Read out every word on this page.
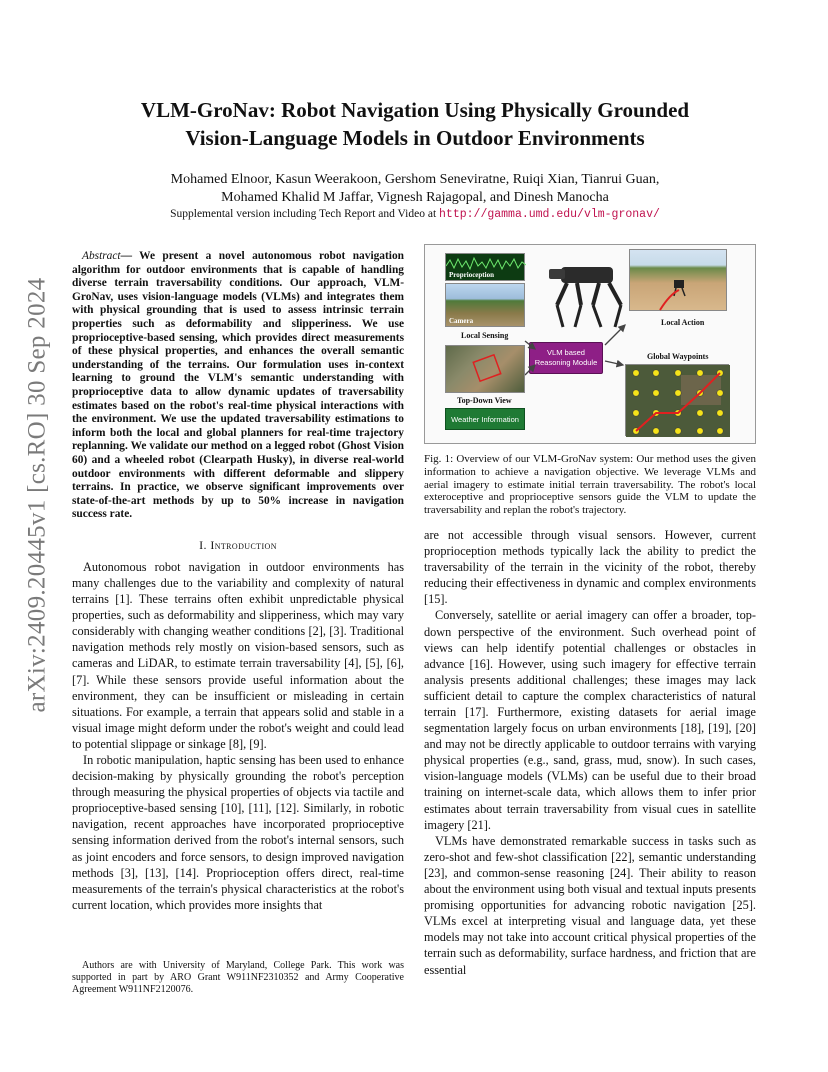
arXiv:2409.20445v1 [cs.RO] 30 Sep 2024
VLM-GroNav: Robot Navigation Using Physically Grounded
Vision-Language Models in Outdoor Environments
Mohamed Elnoor, Kasun Weerakoon, Gershom Seneviratne, Ruiqi Xian, Tianrui Guan,
Mohamed Khalid M Jaffar, Vignesh Rajagopal, and Dinesh Manocha
Supplemental version including Tech Report and Video at http://gamma.umd.edu/vlm-gronav/

Abstract— We present a novel autonomous robot navigation algorithm for outdoor environments that is capable of handling diverse terrain traversability conditions. Our approach, VLM-GroNav, uses vision-language models (VLMs) and integrates them with physical grounding that is used to assess intrinsic terrain properties such as deformability and slipperiness. We use proprioceptive-based sensing, which provides direct measurements of these physical properties, and enhances the overall semantic understanding of the terrains. Our formulation uses in-context learning to ground the VLM's semantic understanding with proprioceptive data to allow dynamic updates of traversability estimates based on the robot's real-time physical interactions with the environment. We use the updated traversability estimations to inform both the local and global planners for real-time trajectory replanning. We validate our method on a legged robot (Ghost Vision 60) and a wheeled robot (Clearpath Husky), in diverse real-world outdoor environments with different deformable and slippery terrains. In practice, we observe significant improvements over state-of-the-art methods by up to 50% increase in navigation success rate.

I. Introduction

Autonomous robot navigation in outdoor environments has many challenges due to the variability and complexity of natural terrains [1]. These terrains often exhibit unpredictable physical properties, such as deformability and slipperiness, which may vary considerably with changing weather conditions [2], [3]. Traditional navigation methods rely mostly on vision-based sensors, such as cameras and LiDAR, to estimate terrain traversability [4], [5], [6], [7]. While these sensors provide useful information about the environment, they can be insufficient or misleading in certain situations. For example, a terrain that appears solid and stable in a visual image might deform under the robot's weight and could lead to potential slippage or sinkage [8], [9].

In robotic manipulation, haptic sensing has been used to enhance decision-making by physically grounding the robot's perception through measuring the physical properties of objects via tactile and proprioceptive-based sensing [10], [11], [12]. Similarly, in robotic navigation, recent approaches have incorporated proprioceptive sensing information derived from the robot's internal sensors, such as joint encoders and force sensors, to design improved navigation methods [3], [13], [14]. Proprioception offers direct, real-time measurements of the terrain's physical characteristics at the robot's current location, which provides more insights that

Authors are with University of Maryland, College Park. This work was supported in part by ARO Grant W911NF2310352 and Army Cooperative Agreement W911NF2120076.
Proprioception
Camera
Local Sensing
Local Action
VLM based
Reasoning Module
Global Waypoints
Top-Down View
Weather Information

Fig. 1: Overview of our VLM-GroNav system: Our method uses the given information to achieve a navigation objective. We leverage VLMs and aerial imagery to estimate initial terrain traversability. The robot's local exteroceptive and proprioceptive sensors guide the VLM to update the traversability and replan the robot's trajectory.

are not accessible through visual sensors. However, current proprioception methods typically lack the ability to predict the traversability of the terrain in the vicinity of the robot, thereby reducing their effectiveness in dynamic and complex environments [15].

Conversely, satellite or aerial imagery can offer a broader, top-down perspective of the environment. Such overhead point of views can help identify potential challenges or obstacles in advance [16]. However, using such imagery for effective terrain analysis presents additional challenges; these images may lack sufficient detail to capture the complex characteristics of natural terrain [17]. Furthermore, existing datasets for aerial image segmentation largely focus on urban environments [18], [19], [20] and may not be directly applicable to outdoor terrains with varying physical properties (e.g., sand, grass, mud, snow). In such cases, vision-language models (VLMs) can be useful due to their broad training on internet-scale data, which allows them to infer prior estimates about terrain traversability from visual cues in satellite imagery [21].

VLMs have demonstrated remarkable success in tasks such as zero-shot and few-shot classification [22], semantic understanding [23], and common-sense reasoning [24]. Their ability to reason about the environment using both visual and textual inputs presents promising opportunities for advancing robotic navigation [25]. VLMs excel at interpreting visual and language data, yet these models may not take into account critical physical properties of the terrain such as deformability, surface hardness, and friction that are essential
